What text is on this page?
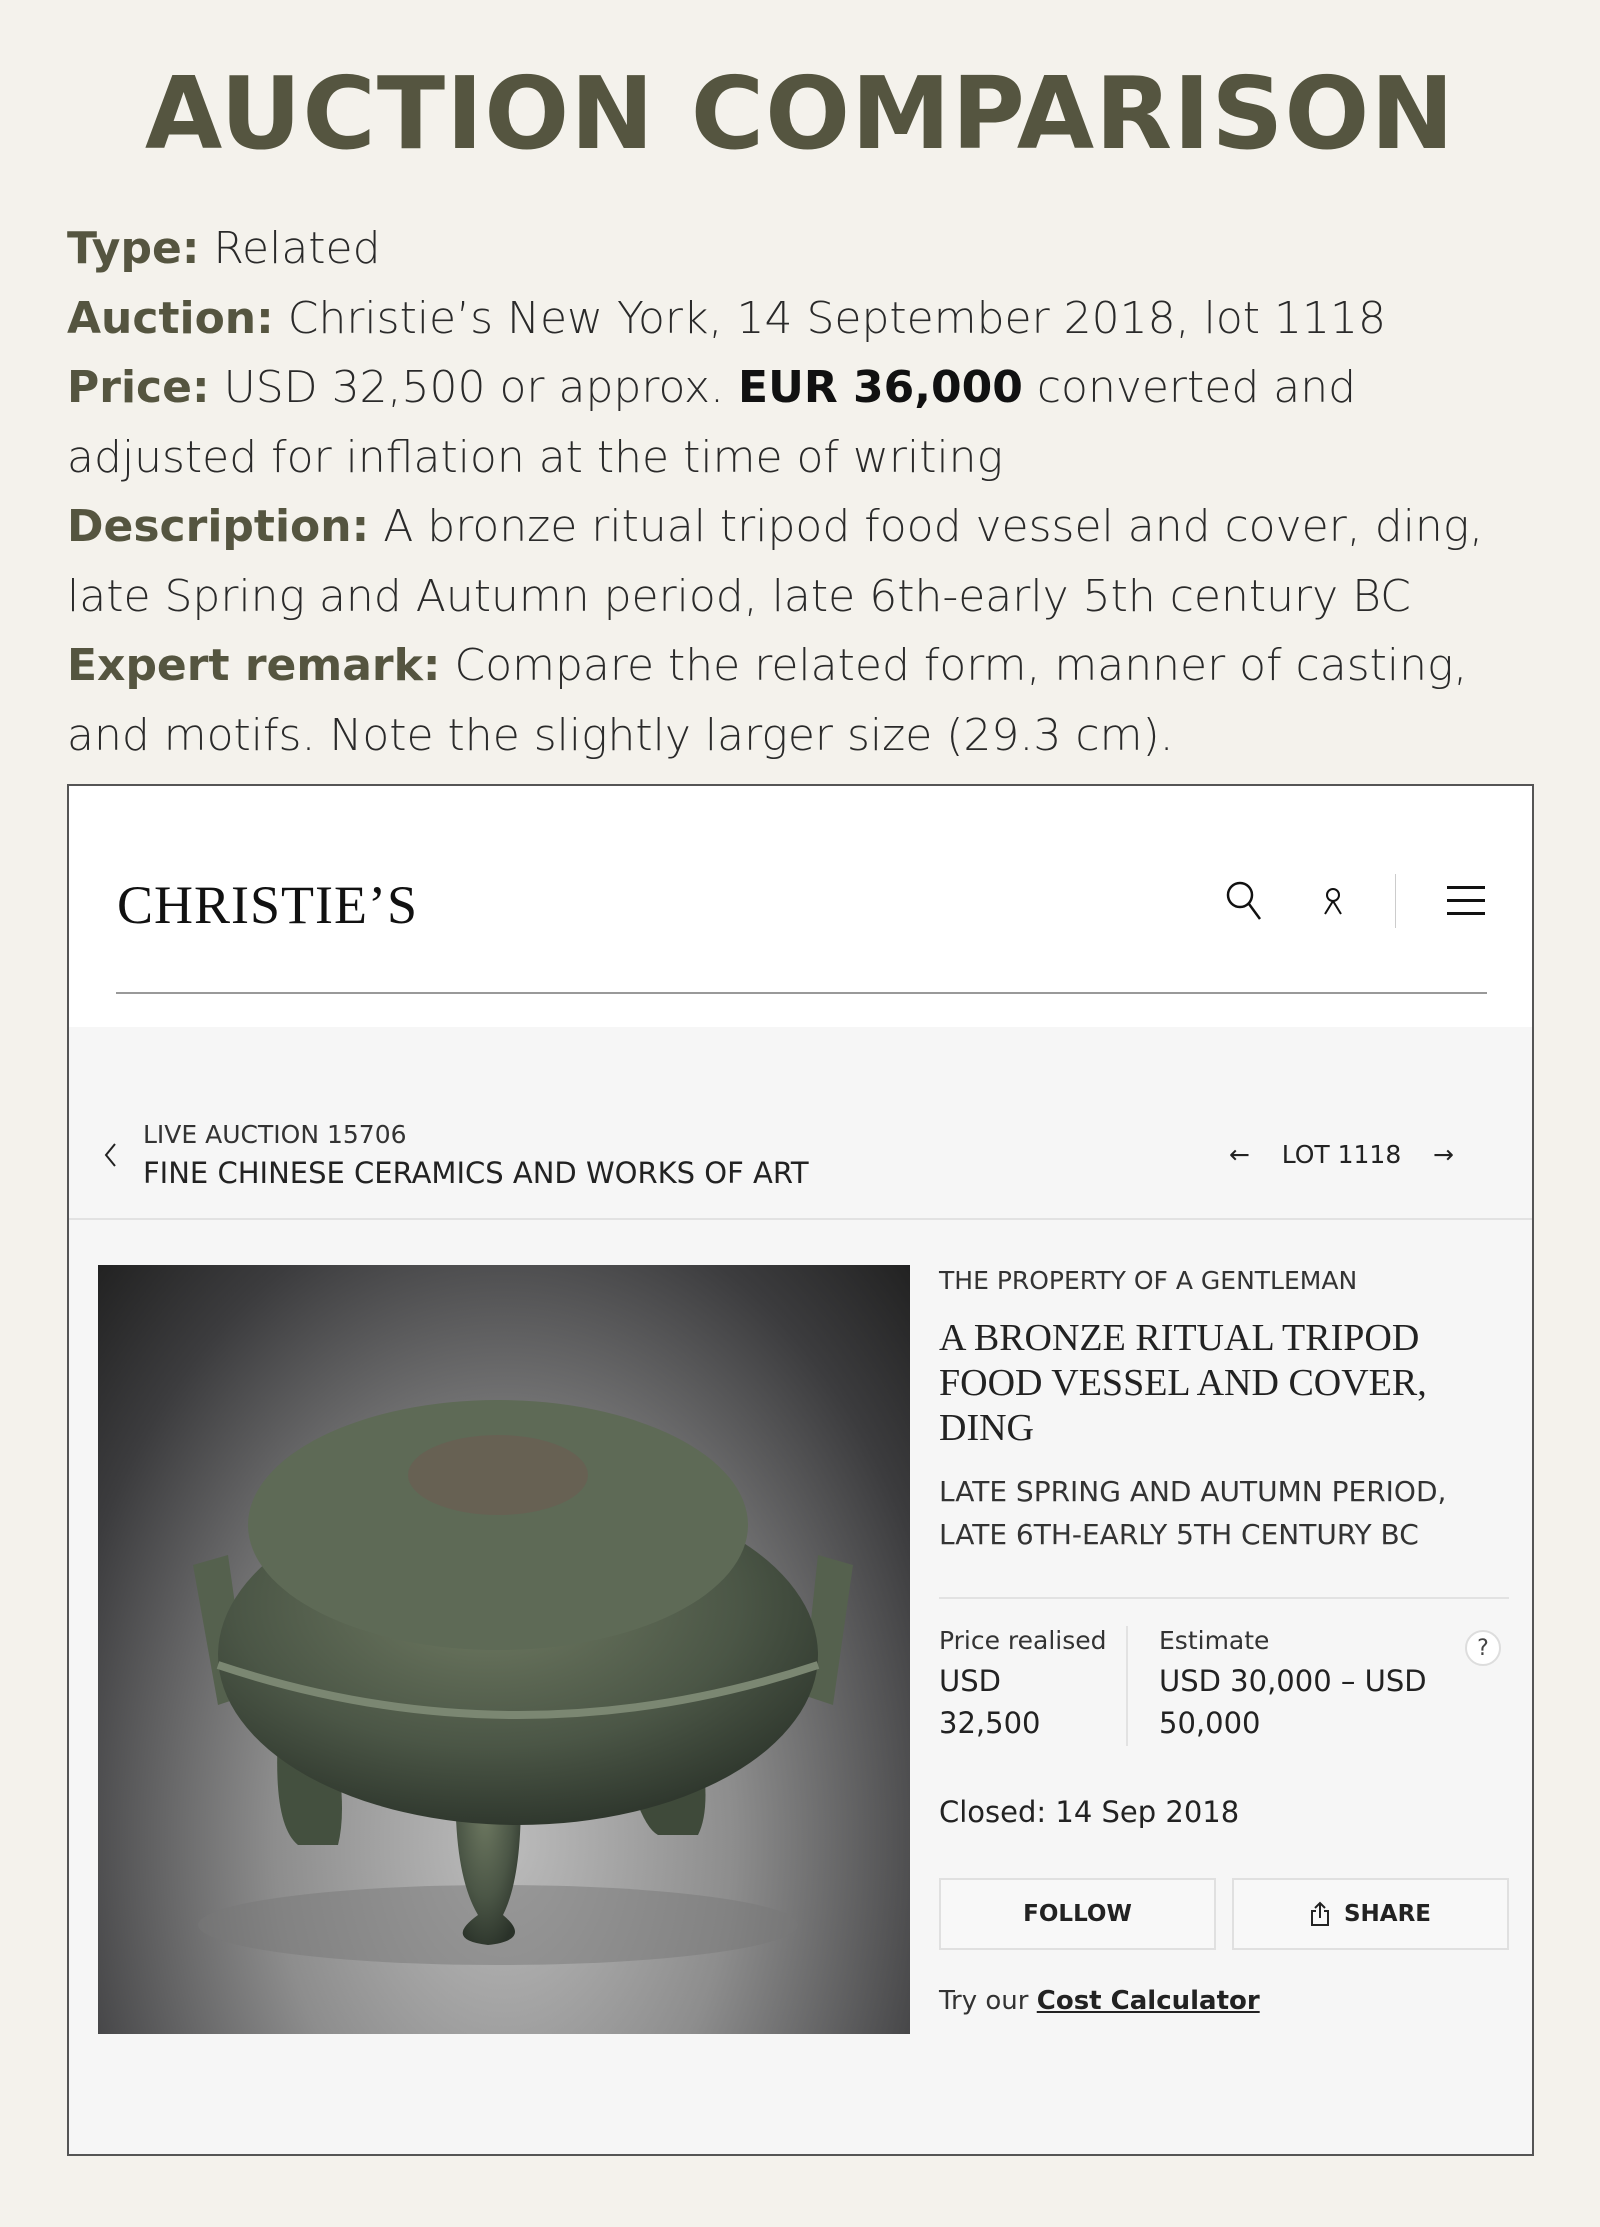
AUCTION COMPARISON
Type: Related
Auction: Christie’s New York, 14 September 2018, lot 1118
Price: USD 32,500 or approx. EUR 36,000 converted and adjusted for inflation at the time of writing
Description: A bronze ritual tripod food vessel and cover, ding, late Spring and Autumn period, late 6th-early 5th century BC
Expert remark: Compare the related form, manner of casting, and motifs. Note the slightly larger size (29.3 cm).
CHRISTIE’S
LIVE AUCTION 15706
FINE CHINESE CERAMICS AND WORKS OF ART
← LOT 1118 →
THE PROPERTY OF A GENTLEMAN
A BRONZE RITUAL TRIPOD FOOD VESSEL AND COVER, DING
LATE SPRING AND AUTUMN PERIOD, LATE 6TH-EARLY 5TH CENTURY BC
Price realised
USD
32,500
Estimate
USD 30,000 – USD
50,000
?
Closed: 14 Sep 2018
FOLLOW	SHARE
Try our Cost Calculator
